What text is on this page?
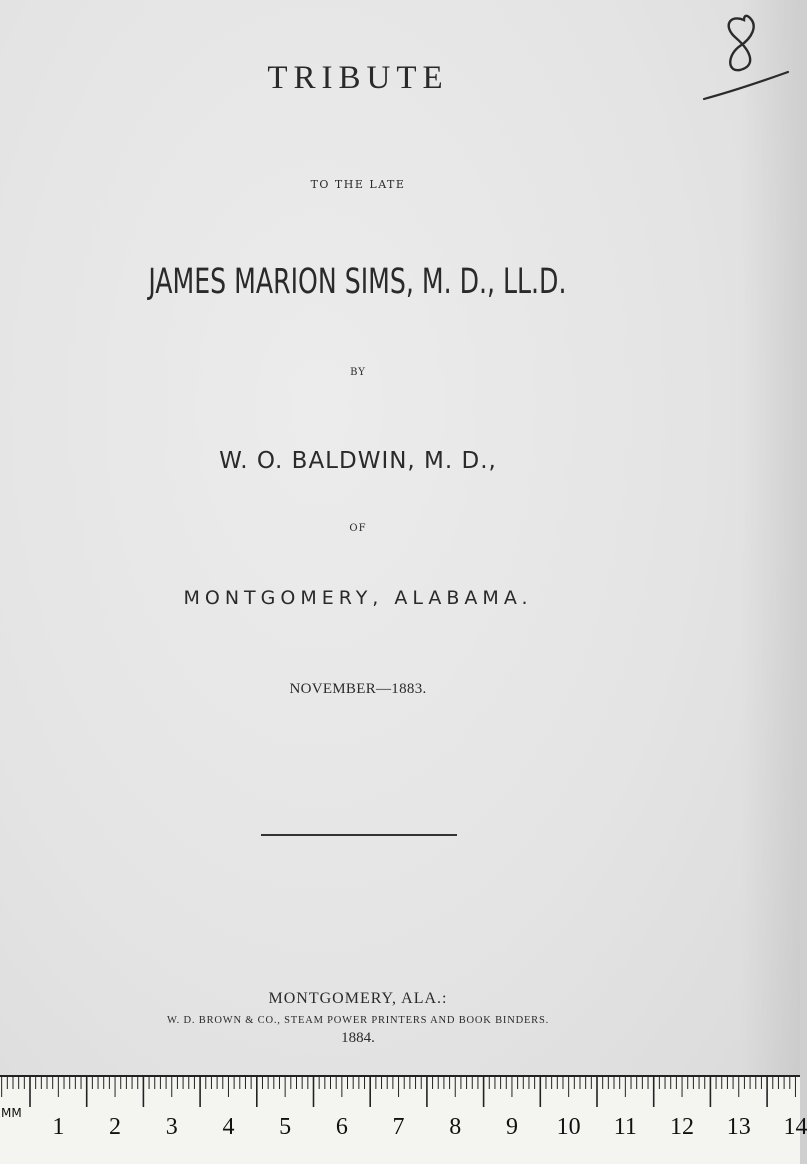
TRIBUTE
TO THE LATE
JAMES MARION SIMS, M. D., LL.D.
BY
W. O. BALDWIN, M. D.,
OF
MONTGOMERY, ALABAMA.
NOVEMBER—1883.
MONTGOMERY, ALA.:
W. D. BROWN & CO., STEAM POWER PRINTERS AND BOOK BINDERS.
1884.
MM
1 2 3 4 5 6 7 8 9 10 11 12 13 14
